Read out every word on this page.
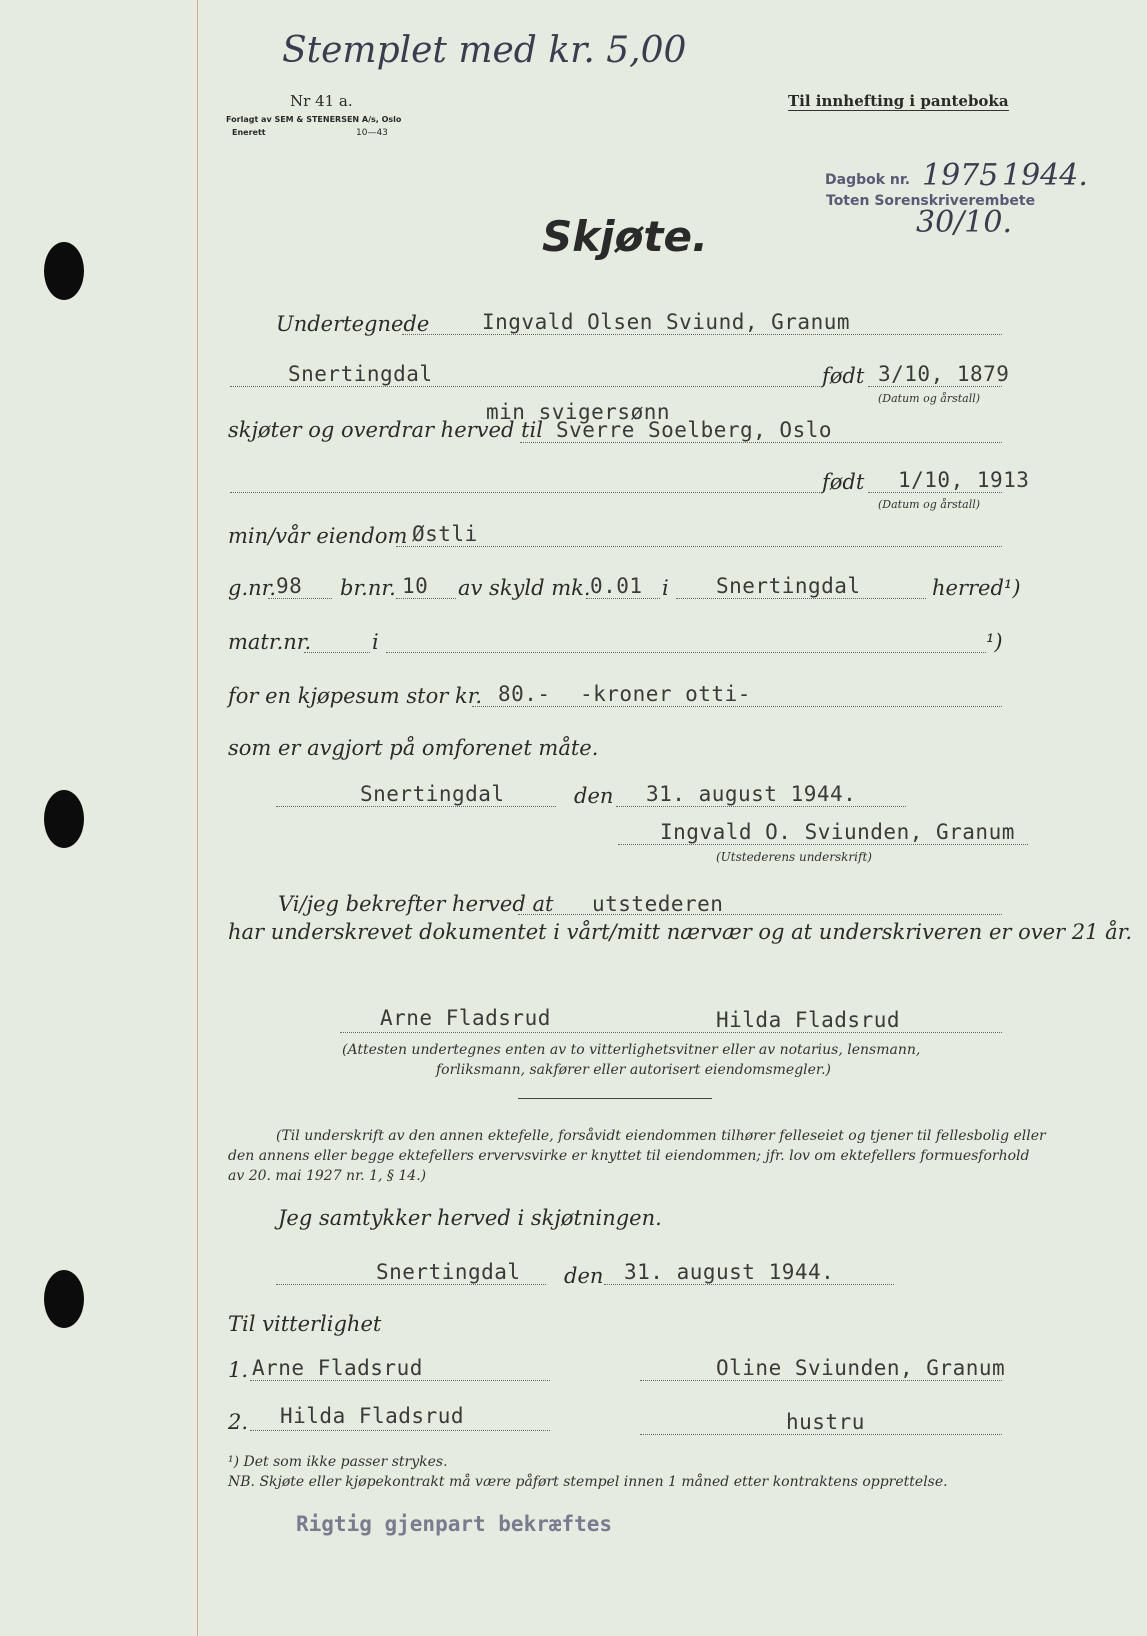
Stemplet med kr. 5,00
Nr 41 a.
Forlagt av SEM & STENERSEN A/s, Oslo
Enerett	10—43
Til innhefting i panteboka
Dagbok nr. 1975 1944.
Toten Sorenskriverembete
30/10.
Skjøte.
Undertegnede	Ingvald Olsen Sviund, Granum
Snertingdal	født 3/10, 1879
(Datum og årstall)
skjøter og overdrar herved til
min svigersønn
Sverre Soelberg, Oslo
født 1/10, 1913
(Datum og årstall)
min/vår eiendom Østli
g.nr. 98 br.nr. 10 av skyld mk. 0.01 i Snertingdal	herred¹)
matr.nr.	i	¹)
for en kjøpesum stor kr. 80.- -kroner otti-
som er avgjort på omforenet måte.
Snertingdal	den 31. august 1944.
Ingvald O. Sviunden, Granum
(Utstederens underskrift)
Vi/jeg bekrefter herved at utstederen
har underskrevet dokumentet i vårt/mitt nærvær og at underskriveren er over 21 år.
Arne Fladsrud	Hilda Fladsrud
(Attesten undertegnes enten av to vitterlighetsvitner eller av notarius, lensmann,
forliksmann, sakfører eller autorisert eiendomsmegler.)
(Til underskrift av den annen ektefelle, forsåvidt eiendommen tilhører felleseiet og tjener til fellesbolig eller
den annens eller begge ektefellers ervervsvirke er knyttet til eiendommen; jfr. lov om ektefellers formuesforhold
av 20. mai 1927 nr. 1, § 14.)
Jeg samtykker herved i skjøtningen.
Snertingdal den 31. august 1944.
Til vitterlighet
1. Arne Fladsrud	Oline Sviunden, Granum
2. Hilda Fladsrud	hustru
¹) Det som ikke passer strykes.
NB. Skjøte eller kjøpekontrakt må være påført stempel innen 1 måned etter kontraktens opprettelse.
Rigtig gjenpart bekræftes
